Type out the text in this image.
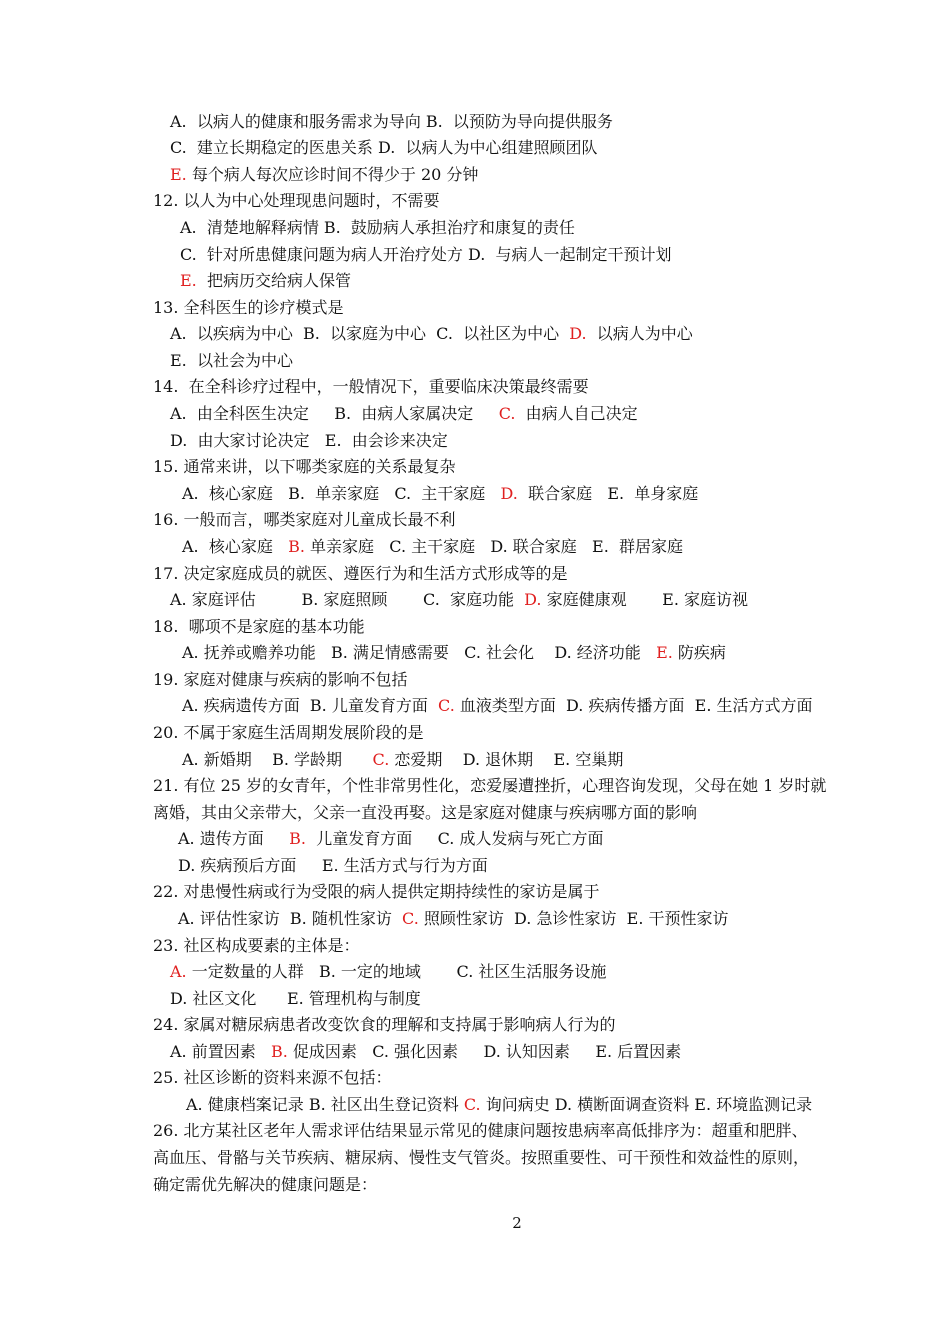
2
A.  以病人的健康和服务需求为导向 B.  以预防为导向提供服务
C.  建立长期稳定的医患关系 D.  以病人为中心组建照顾团队
E. 每个病人每次应诊时间不得少于 20 分钟
12. 以人为中心处理现患问题时，不需要
A.  清楚地解释病情 B.  鼓励病人承担治疗和康复的责任
C.  针对所患健康问题为病人开治疗处方 D.  与病人一起制定干预计划
E.  把病历交给病人保管
13. 全科医生的诊疗模式是
A.  以疾病为中心  B.  以家庭为中心  C.  以社区为中心  D.  以病人为中心
E.  以社会为中心
14.  在全科诊疗过程中，一般情况下，重要临床决策最终需要
A.  由全科医生决定     B.  由病人家属决定     C.  由病人自己决定
D.  由大家讨论决定   E.  由会诊来决定
15. 通常来讲，以下哪类家庭的关系最复杂
A.  核心家庭   B.  单亲家庭   C.  主干家庭   D.  联合家庭   E.  单身家庭
16. 一般而言，哪类家庭对儿童成长最不利
A.  核心家庭   B. 单亲家庭   C. 主干家庭   D. 联合家庭   E.  群居家庭
17. 决定家庭成员的就医、遵医行为和生活方式形成等的是
A. 家庭评估         B. 家庭照顾       C.  家庭功能  D. 家庭健康观       E. 家庭访视
18.  哪项不是家庭的基本功能
A. 抚养或赡养功能   B. 满足情感需要   C. 社会化    D. 经济功能   E. 防疾病
19. 家庭对健康与疾病的影响不包括
A. 疾病遗传方面  B. 儿童发育方面  C. 血液类型方面  D. 疾病传播方面  E. 生活方式方面
20. 不属于家庭生活周期发展阶段的是
A. 新婚期    B. 学龄期      C. 恋爱期    D. 退休期    E. 空巢期
21. 有位 25 岁的女青年，个性非常男性化，恋爱屡遭挫折，心理咨询发现，父母在她 1 岁时就
离婚，其由父亲带大，父亲一直没再娶。这是家庭对健康与疾病哪方面的影响
A. 遗传方面     B.  儿童发育方面     C. 成人发病与死亡方面
D. 疾病预后方面     E. 生活方式与行为方面
22. 对患慢性病或行为受限的病人提供定期持续性的家访是属于
A. 评估性家访  B. 随机性家访  C. 照顾性家访  D. 急诊性家访  E. 干预性家访
23. 社区构成要素的主体是：
A. 一定数量的人群   B. 一定的地域       C. 社区生活服务设施
D. 社区文化      E. 管理机构与制度
24. 家属对糖尿病患者改变饮食的理解和支持属于影响病人行为的
A. 前置因素   B. 促成因素   C. 强化因素     D. 认知因素     E. 后置因素
25. 社区诊断的资料来源不包括：
A. 健康档案记录 B. 社区出生登记资料 C. 询问病史 D. 横断面调查资料 E. 环境监测记录
26. 北方某社区老年人需求评估结果显示常见的健康问题按患病率高低排序为：超重和肥胖、
高血压、骨骼与关节疾病、糖尿病、慢性支气管炎。按照重要性、可干预性和效益性的原则，
确定需优先解决的健康问题是：
